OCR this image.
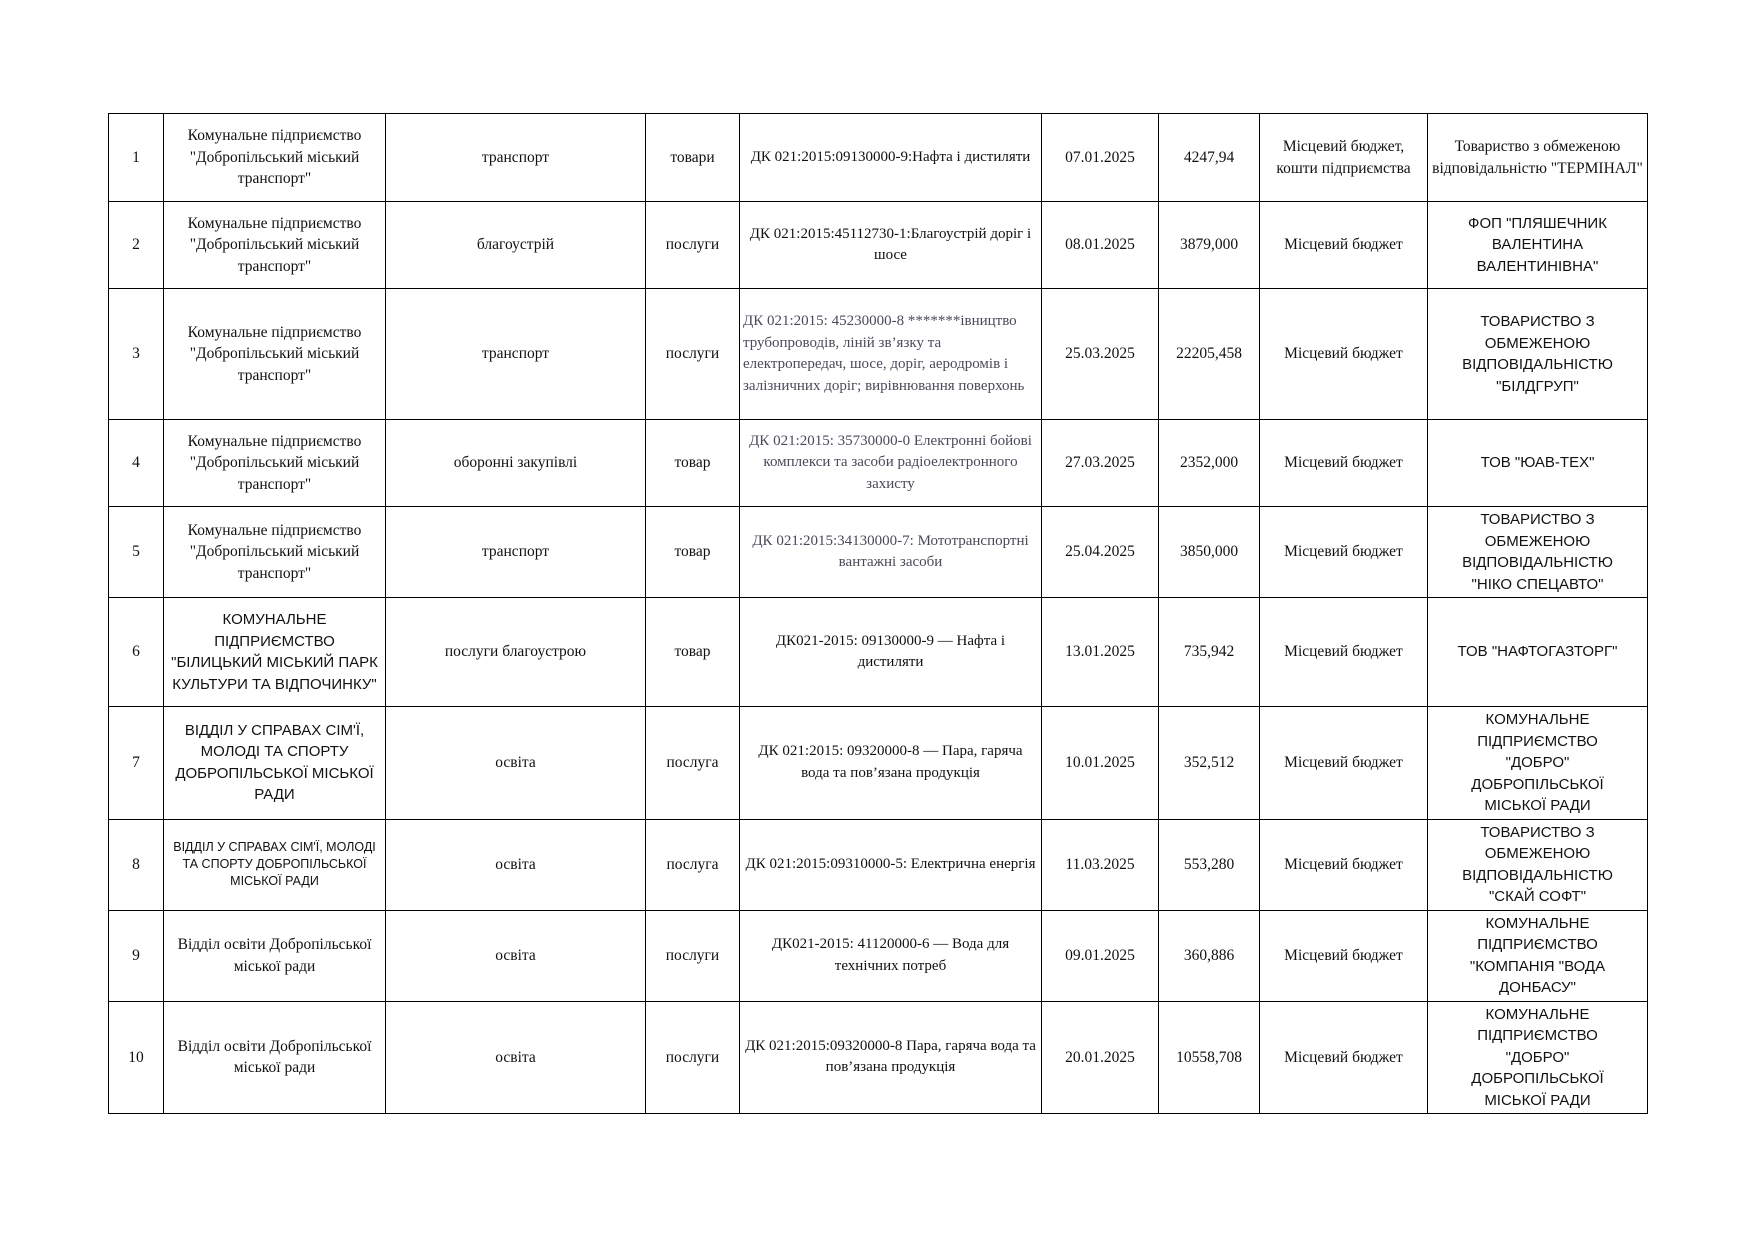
1	Комунальне підприємство "Добропільський міський транспорт"	транспорт	товари	ДК 021:2015:09130000-9:Нафта і дистиляти	07.01.2025	4247,94	Місцевий бюджет, кошти підприємства	Товариство з обмеженою відповідальністю "ТЕРМІНАЛ"
2	Комунальне підприємство "Добропільський міський транспорт"	благоустрій	послуги	ДК 021:2015:45112730-1:Благоустрій доріг і шосе	08.01.2025	3879,000	Місцевий бюджет	ФОП "ПЛЯШЕЧНИК ВАЛЕНТИНА ВАЛЕНТИНІВНА"
3	Комунальне підприємство "Добропільський міський транспорт"	транспорт	послуги	ДК 021:2015: 45230000-8 *******івництво трубопроводів, ліній зв’язку та електропередач, шосе, доріг, аеродромів і залізничних доріг; вирівнювання поверхонь	25.03.2025	22205,458	Місцевий бюджет	ТОВАРИСТВО З ОБМЕЖЕНОЮ ВІДПОВІДАЛЬНІСТЮ "БІЛДГРУП"
4	Комунальне підприємство "Добропільський міський транспорт"	оборонні закупівлі	товар	ДК 021:2015: 35730000-0 Електронні бойові комплекси та засоби радіоелектронного захисту	27.03.2025	2352,000	Місцевий бюджет	ТОВ "ЮАВ-ТЕХ"
5	Комунальне підприємство "Добропільський міський транспорт"	транспорт	товар	ДК 021:2015:34130000-7: Мототранспортні вантажні засоби	25.04.2025	3850,000	Місцевий бюджет	ТОВАРИСТВО З ОБМЕЖЕНОЮ ВІДПОВІДАЛЬНІСТЮ "НІКО СПЕЦАВТО"
6	КОМУНАЛЬНЕ ПІДПРИЄМСТВО "БІЛИЦЬКИЙ МІСЬКИЙ ПАРК КУЛЬТУРИ ТА ВІДПОЧИНКУ"	послуги благоустрою	товар	ДК021-2015: 09130000-9 — Нафта і дистиляти	13.01.2025	735,942	Місцевий бюджет	ТОВ "НАФТОГАЗТОРГ"
7	ВІДДІЛ У СПРАВАХ СІМ'Ї, МОЛОДІ ТА СПОРТУ ДОБРОПІЛЬСЬКОЇ МІСЬКОЇ РАДИ	освіта	послуга	ДК 021:2015: 09320000-8 — Пара, гаряча вода та пов’язана продукція	10.01.2025	352,512	Місцевий бюджет	КОМУНАЛЬНЕ ПІДПРИЄМСТВО "ДОБРО" ДОБРОПІЛЬСЬКОЇ МІСЬКОЇ РАДИ
8	ВІДДІЛ У СПРАВАХ СІМ'Ї, МОЛОДІ ТА СПОРТУ ДОБРОПІЛЬСЬКОЇ МІСЬКОЇ РАДИ	освіта	послуга	ДК 021:2015:09310000-5: Електрична енергія	11.03.2025	553,280	Місцевий бюджет	ТОВАРИСТВО З ОБМЕЖЕНОЮ ВІДПОВІДАЛЬНІСТЮ "СКАЙ СОФТ"
9	Відділ освіти Добропільської міської ради	освіта	послуги	ДК021-2015: 41120000-6 — Вода для технічних потреб	09.01.2025	360,886	Місцевий бюджет	КОМУНАЛЬНЕ ПІДПРИЄМСТВО "КОМПАНІЯ "ВОДА ДОНБАСУ"
10	Відділ освіти Добропільської міської ради	освіта	послуги	ДК 021:2015:09320000-8 Пара, гаряча вода та пов’язана продукція	20.01.2025	10558,708	Місцевий бюджет	КОМУНАЛЬНЕ ПІДПРИЄМСТВО "ДОБРО" ДОБРОПІЛЬСЬКОЇ МІСЬКОЇ РАДИ
